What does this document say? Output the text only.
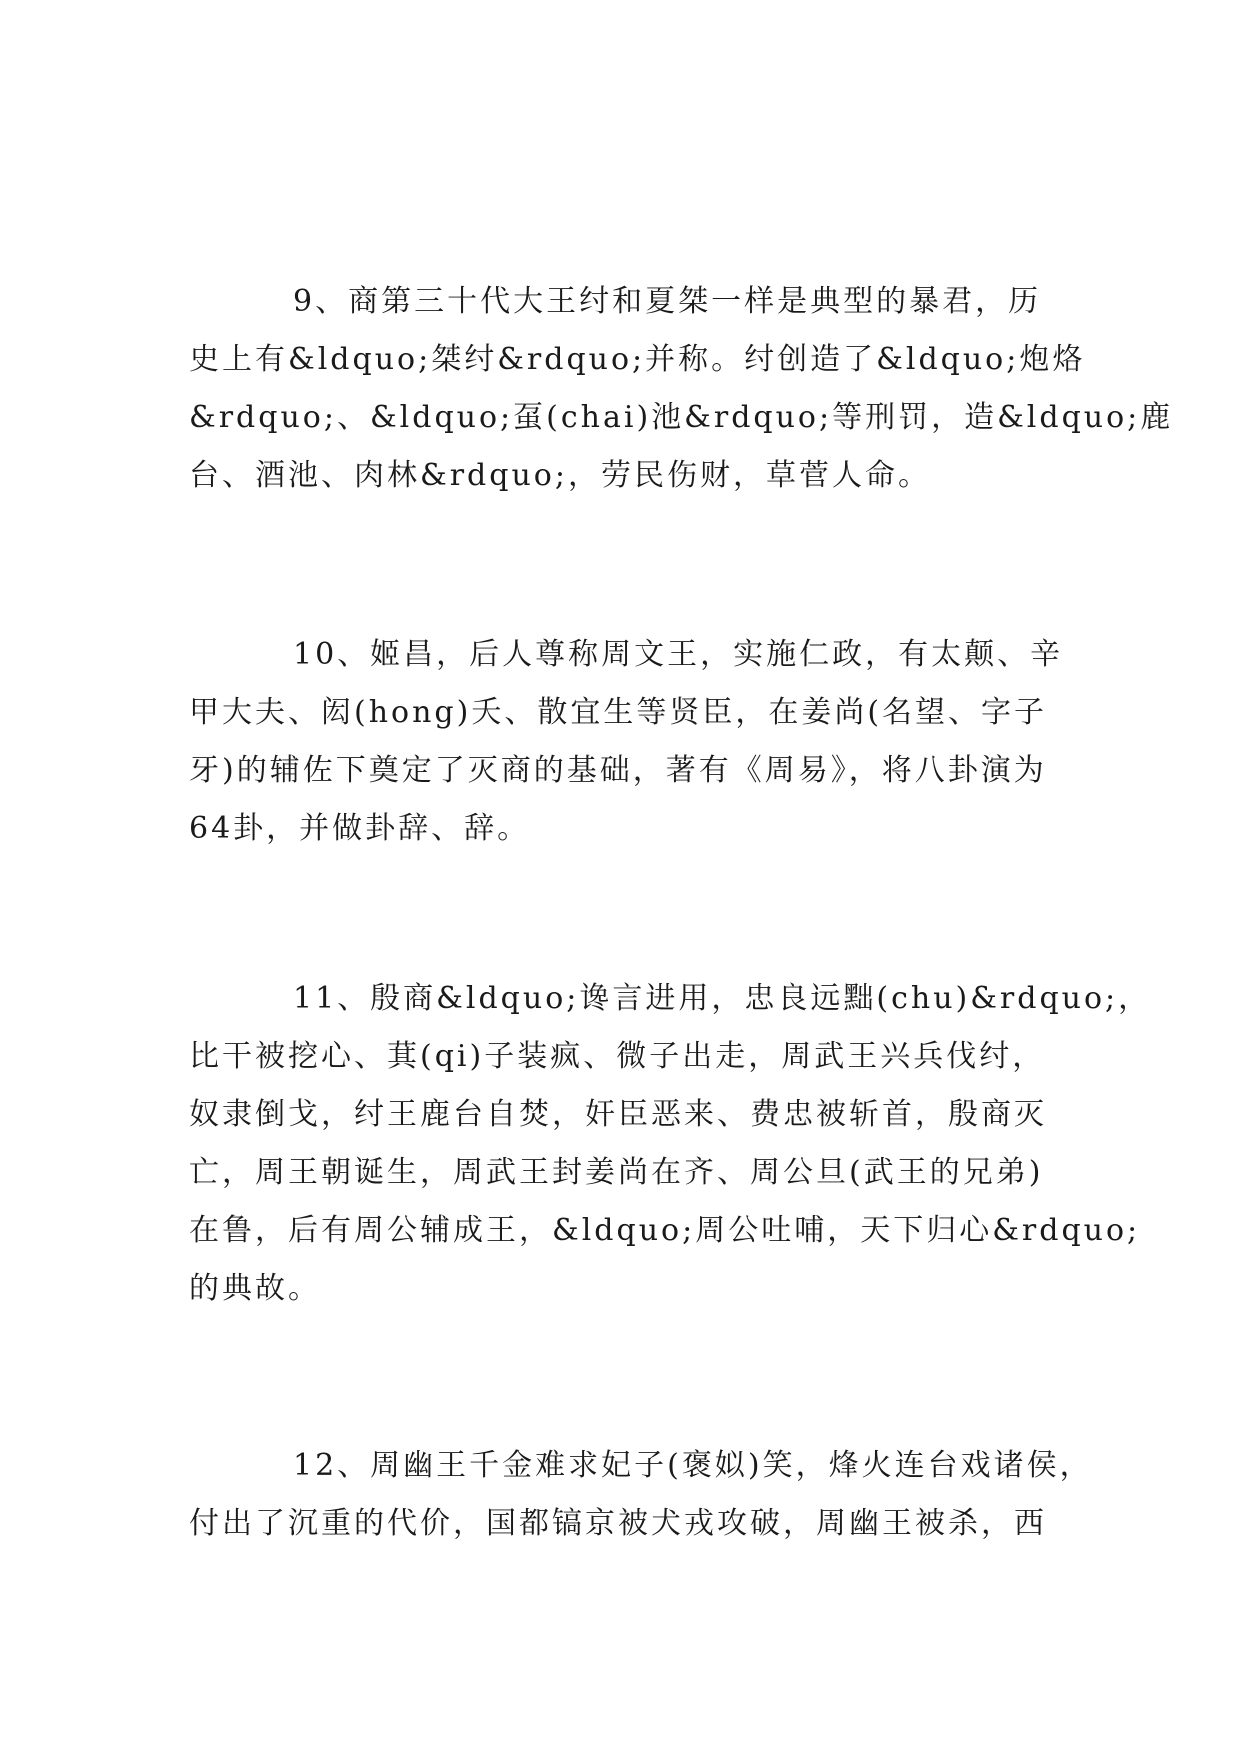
9、商第三十代大王纣和夏桀一样是典型的暴君，历
史上有&ldquo;桀纣&rdquo;并称。纣创造了&ldquo;炮烙
&rdquo;、&ldquo;虿(chai)池&rdquo;等刑罚，造&ldquo;鹿
台、酒池、肉林&rdquo;，劳民伤财，草菅人命。
10、姬昌，后人尊称周文王，实施仁政，有太颠、辛
甲大夫、闳(hong)夭、散宜生等贤臣，在姜尚(名望、字子
牙)的辅佐下奠定了灭商的基础，著有《周易》，将八卦演为
64卦，并做卦辞、辞。
11、殷商&ldquo;谗言进用，忠良远黜(chu)&rdquo;，
比干被挖心、萁(qi)子装疯、微子出走，周武王兴兵伐纣，
奴隶倒戈，纣王鹿台自焚，奸臣恶来、费忠被斩首，殷商灭
亡，周王朝诞生，周武王封姜尚在齐、周公旦(武王的兄弟)
在鲁，后有周公辅成王，&ldquo;周公吐哺，天下归心&rdquo;
的典故。
12、周幽王千金难求妃子(褒姒)笑，烽火连台戏诸侯，
付出了沉重的代价，国都镐京被犬戎攻破，周幽王被杀，西
